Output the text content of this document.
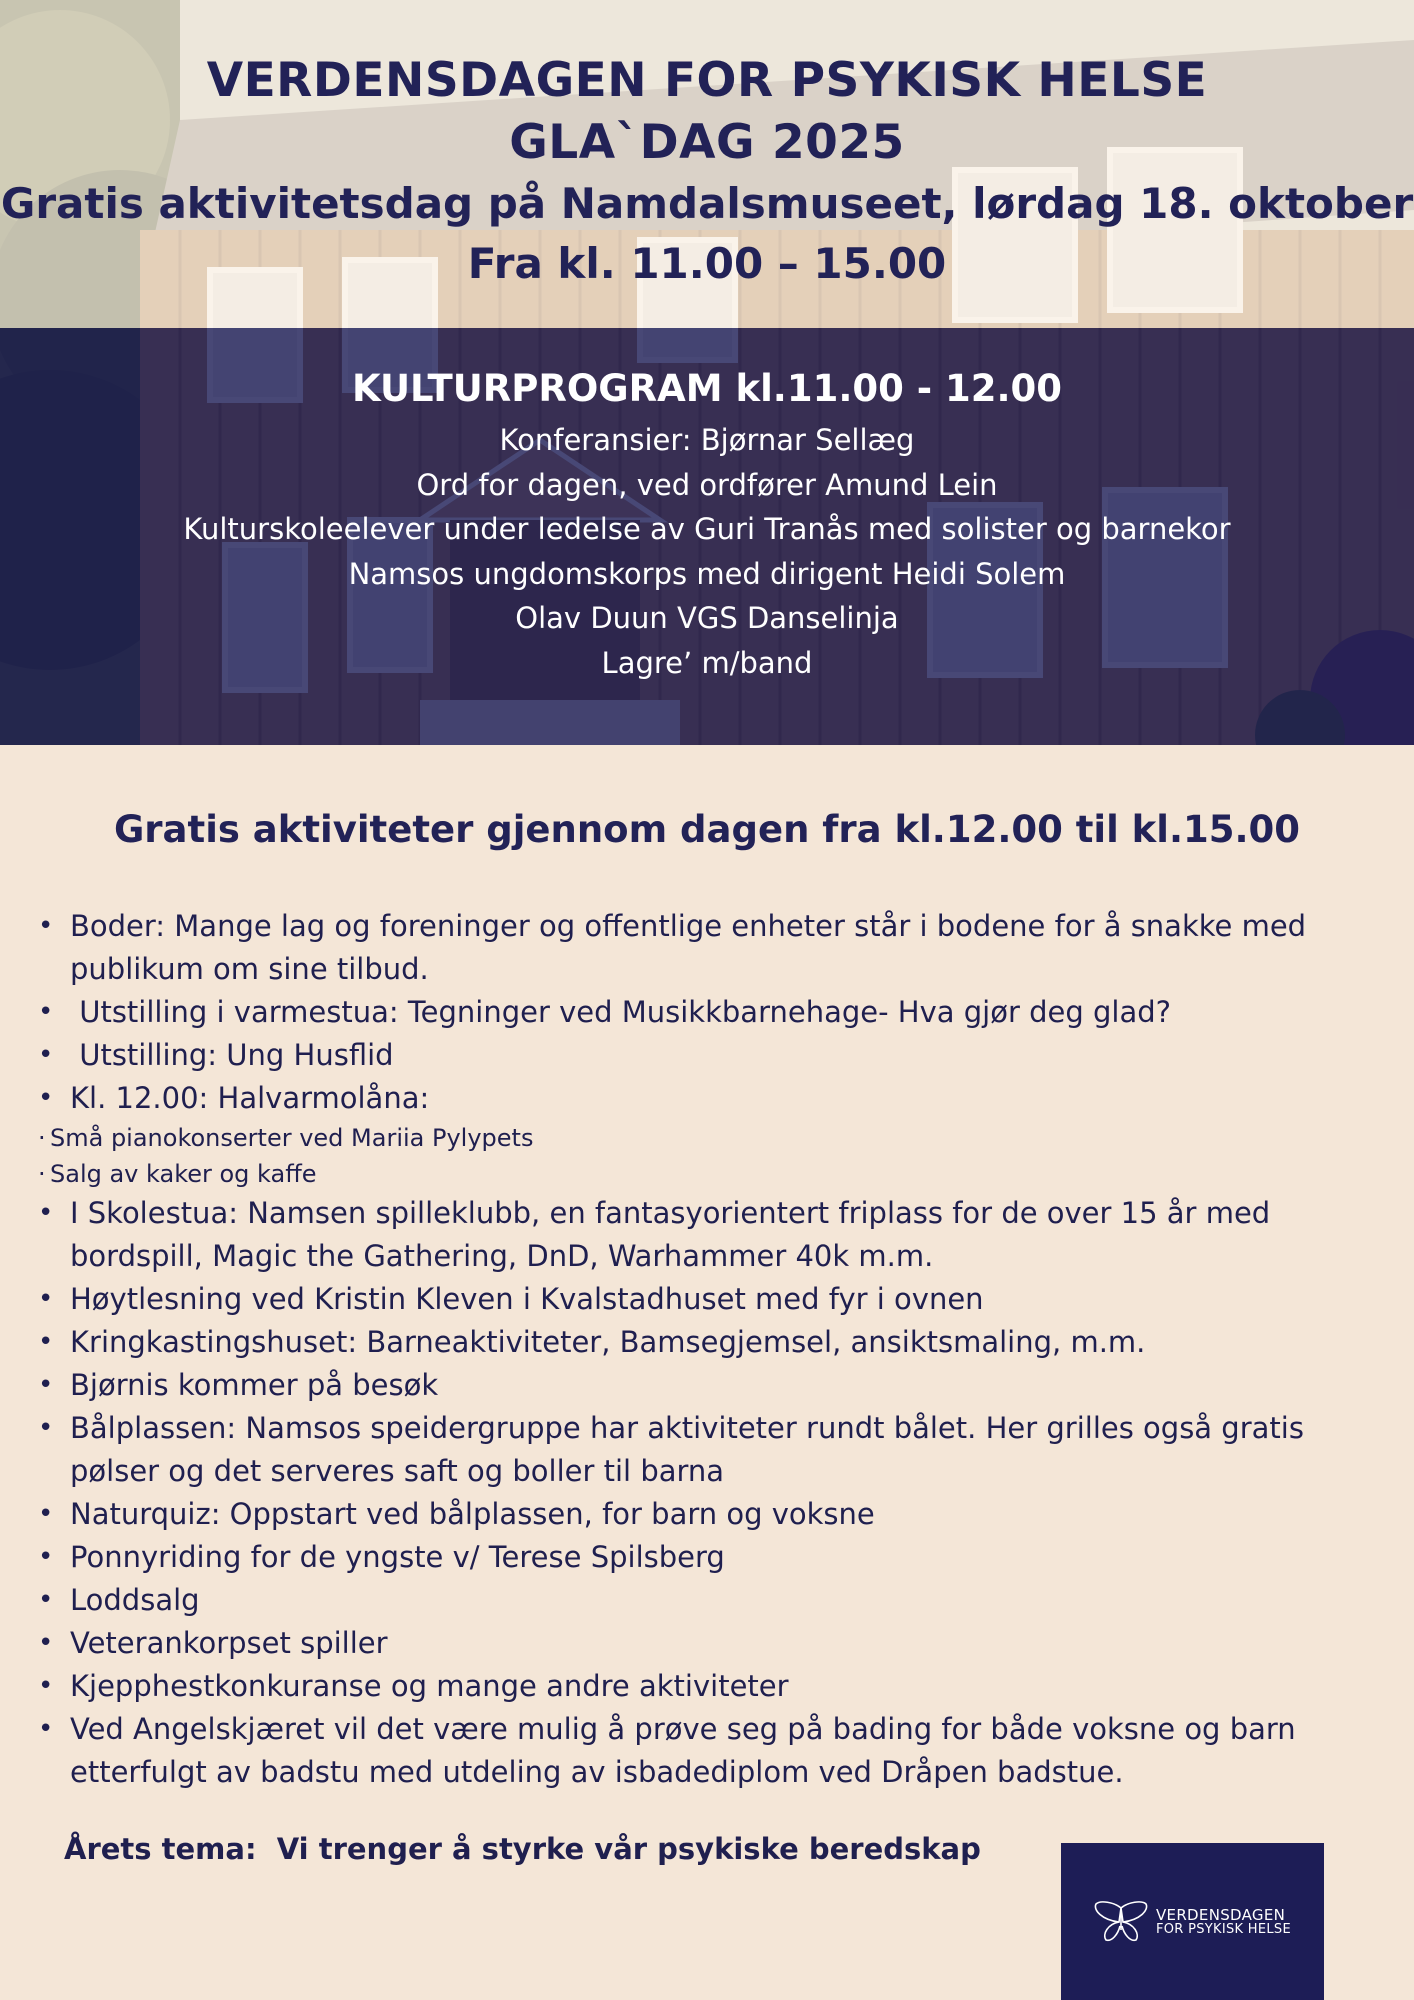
VERDENSDAGEN FOR PSYKISK HELSE
GLA`DAG 2025
Gratis aktivitetsdag på Namdalsmuseet, lørdag 18. oktober
Fra kl. 11.00 – 15.00
KULTURPROGRAM kl.11.00 - 12.00
Konferansier: Bjørnar Sellæg
Ord for dagen, ved ordfører Amund Lein
Kulturskoleelever under ledelse av Guri Tranås med solister og barnekor
Namsos ungdomskorps med dirigent Heidi Solem
Olav Duun VGS Danselinja
Lagre’ m/band
Gratis aktiviteter gjennom dagen fra kl.12.00 til kl.15.00
• Boder: Mange lag og foreninger og offentlige enheter står i bodene for å snakke med publikum om sine tilbud.
• Utstilling i varmestua: Tegninger ved Musikkbarnehage- Hva gjør deg glad?
• Utstilling: Ung Husflid
• Kl. 12.00: Halvarmolåna:
· Små pianokonserter ved Mariia Pylypets
· Salg av kaker og kaffe
• I Skolestua: Namsen spilleklubb, en fantasyorientert friplass for de over 15 år med bordspill, Magic the Gathering, DnD, Warhammer 40k m.m.
• Høytlesning ved Kristin Kleven i Kvalstadhuset med fyr i ovnen
• Kringkastingshuset: Barneaktiviteter, Bamsegjemsel, ansiktsmaling, m.m.
• Bjørnis kommer på besøk
• Bålplassen: Namsos speidergruppe har aktiviteter rundt bålet. Her grilles også gratis pølser og det serveres saft og boller til barna
• Naturquiz: Oppstart ved bålplassen, for barn og voksne
• Ponnyriding for de yngste v/ Terese Spilsberg
• Loddsalg
• Veterankorpset spiller
• Kjepphestkonkuranse og mange andre aktiviteter
• Ved Angelskjæret vil det være mulig å prøve seg på bading for både voksne og barn etterfulgt av badstu med utdeling av isbadediplom ved Dråpen badstue.
Årets tema:  Vi trenger å styrke vår psykiske beredskap
VERDENSDAGEN
FOR PSYKISK HELSE
